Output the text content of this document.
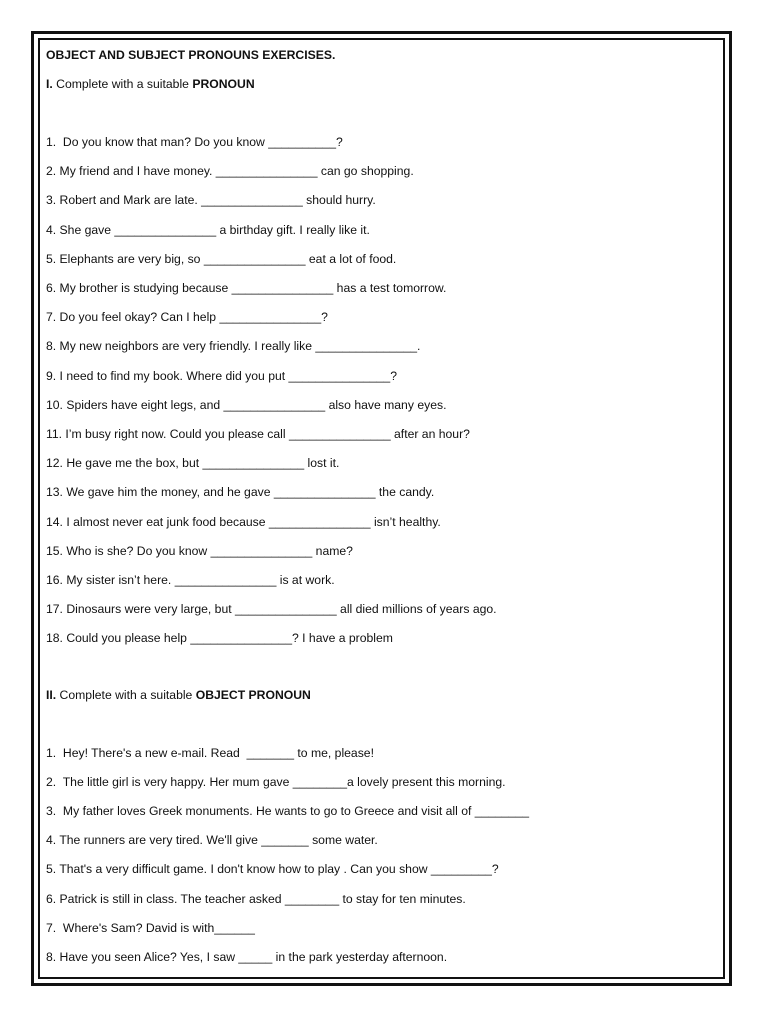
OBJECT AND SUBJECT PRONOUNS EXERCISES.
I. Complete with a suitable PRONOUN
1.  Do you know that man? Do you know __________?
2. My friend and I have money. _______________ can go shopping.
3. Robert and Mark are late. _______________ should hurry.
4. She gave _______________ a birthday gift. I really like it.
5. Elephants are very big, so _______________ eat a lot of food.
6. My brother is studying because _______________ has a test tomorrow.
7. Do you feel okay? Can I help _______________?
8. My new neighbors are very friendly. I really like _______________.
9. I need to find my book. Where did you put _______________?
10. Spiders have eight legs, and _______________ also have many eyes.
11. I’m busy right now. Could you please call _______________ after an hour?
12. He gave me the box, but _______________ lost it.
13. We gave him the money, and he gave _______________ the candy.
14. I almost never eat junk food because _______________ isn’t healthy.
15. Who is she? Do you know _______________ name?
16. My sister isn’t here. _______________ is at work.
17. Dinosaurs were very large, but _______________ all died millions of years ago.
18. Could you please help _______________? I have a problem
II. Complete with a suitable OBJECT PRONOUN
1.  Hey! There's a new e-mail. Read  _______ to me, please!
2.  The little girl is very happy. Her mum gave ________a lovely present this morning.
3.  My father loves Greek monuments. He wants to go to Greece and visit all of ________
4. The runners are very tired. We'll give _______ some water.
5. That's a very difficult game. I don't know how to play . Can you show _________?
6. Patrick is still in class. The teacher asked ________ to stay for ten minutes.
7.  Where's Sam? David is with______
8. Have you seen Alice? Yes, I saw _____ in the park yesterday afternoon.
